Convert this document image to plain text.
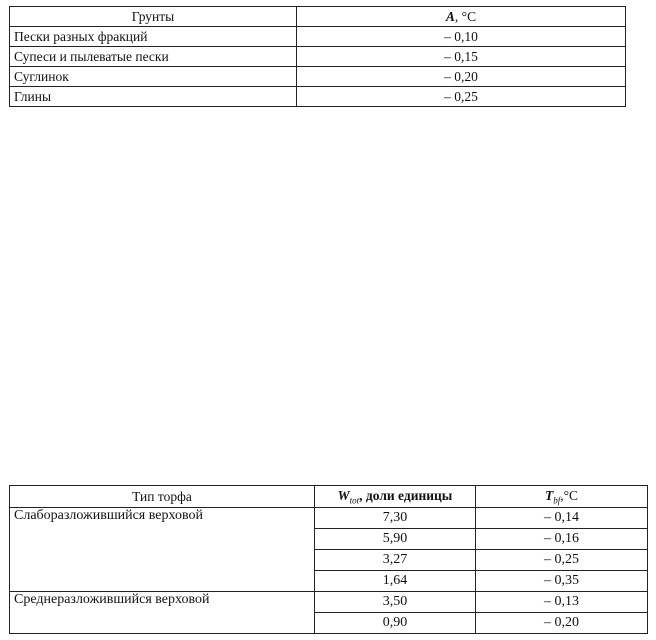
Грунты	A, °С
Пески разных фракций	– 0,10
Супеси и пылеватые пески	– 0,15
Суглинок	– 0,20
Глины	– 0,25
Тип торфа	$W_{tot}$, доли единицы	$T_{bf},^\circ С$
Слаборазложившийся верховой	7,30	– 0,14
	5,90	– 0,16
	3,27	– 0,25
	1,64	– 0,35
Среднеразложившийся верховой	3,50	– 0,13
	0,90	– 0,20
